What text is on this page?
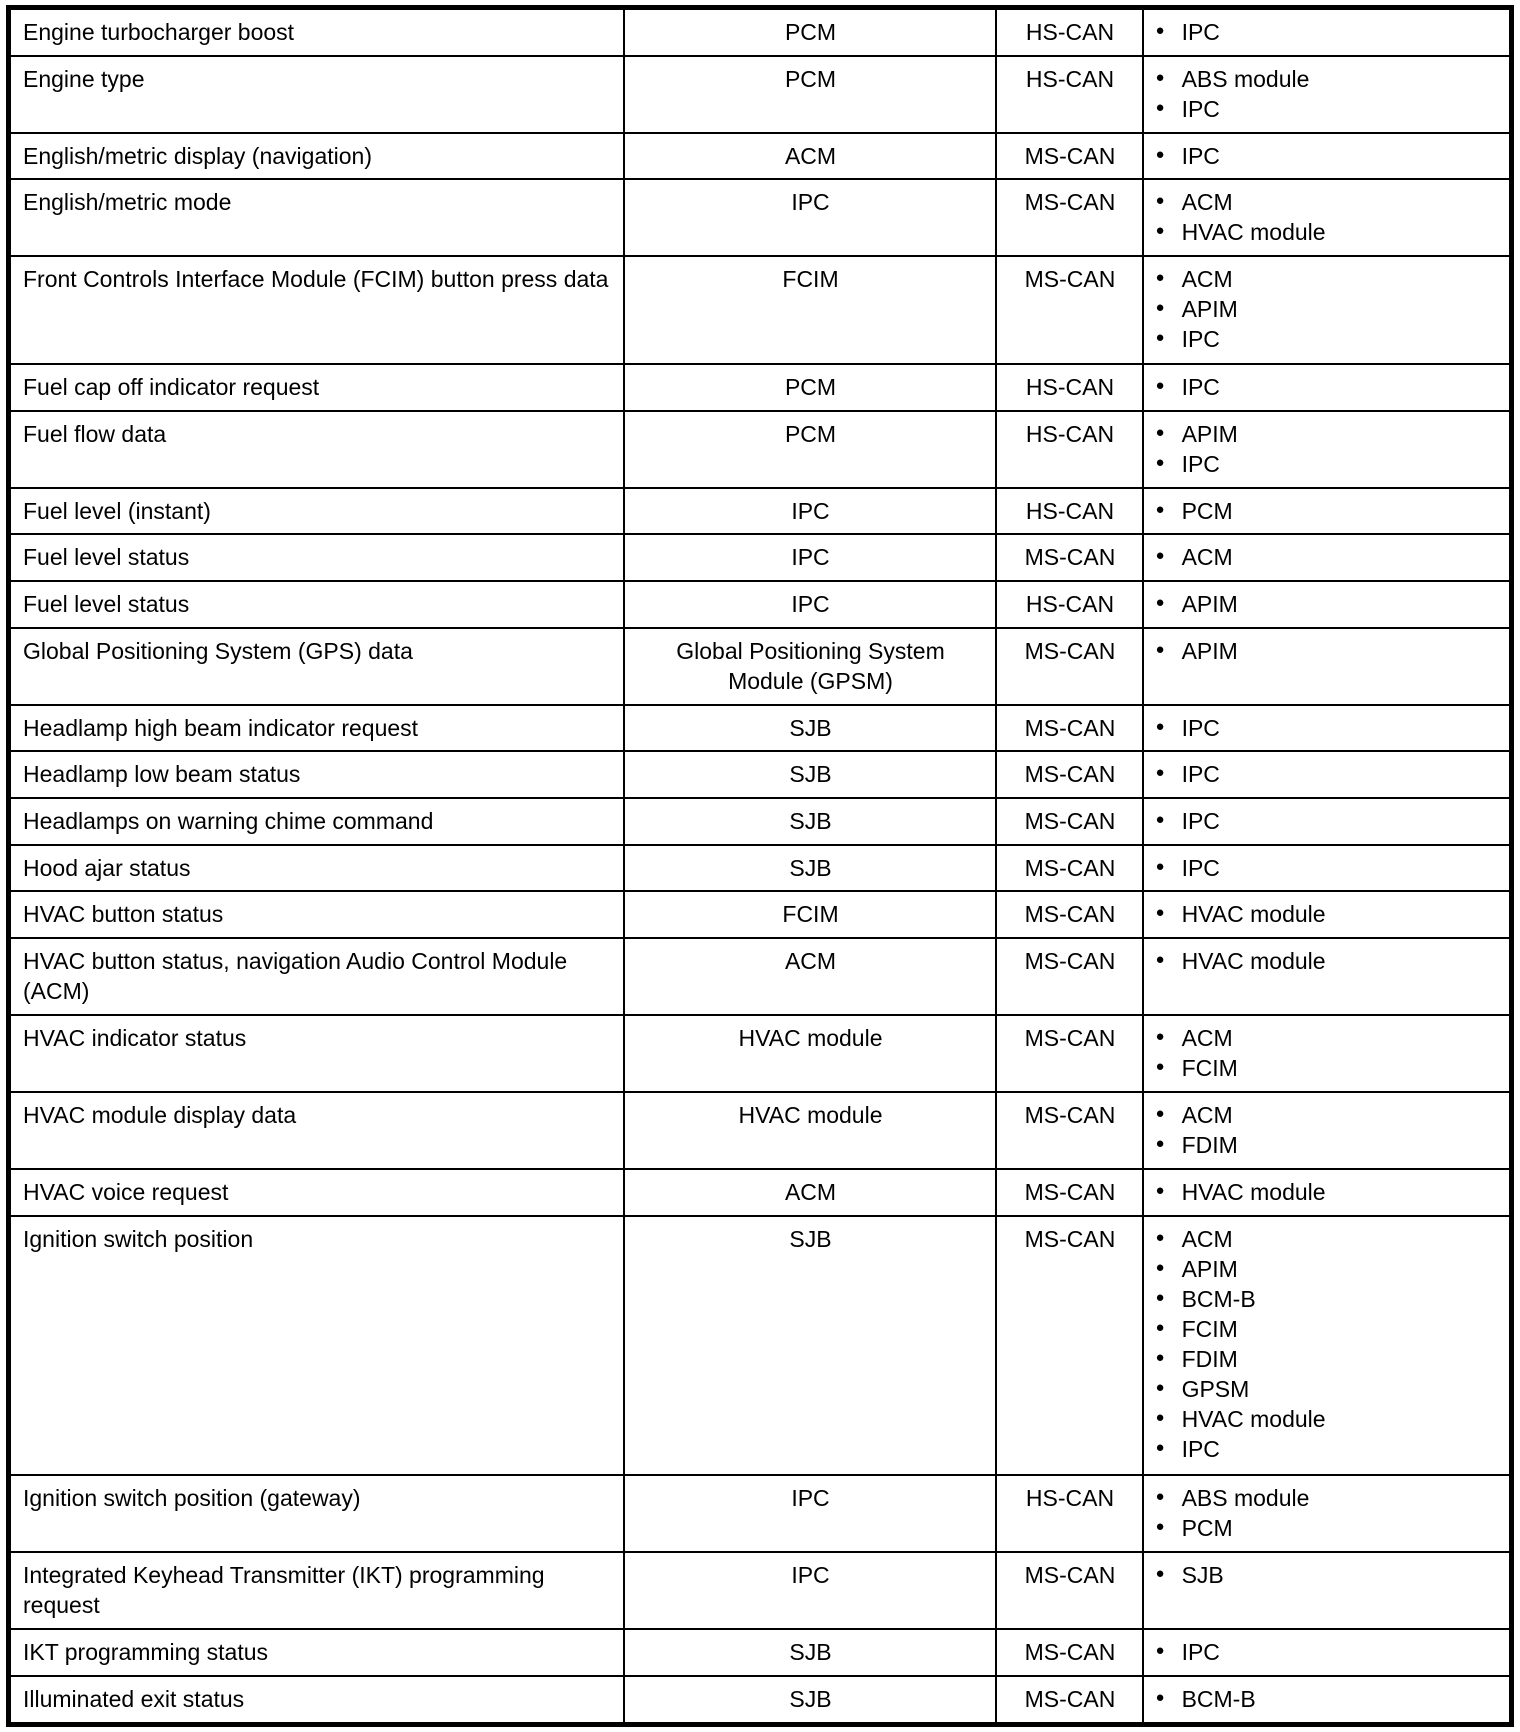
Engine turbocharger boost	PCM	HS-CAN	● IPC

Engine type	PCM	HS-CAN	● ABS module
● IPC

English/metric display (navigation)	ACM	MS-CAN	● IPC

English/metric mode	IPC	MS-CAN	● ACM
● HVAC module

Front Controls Interface Module (FCIM) button press data	FCIM	MS-CAN	● ACM
● APIM
● IPC

Fuel cap off indicator request	PCM	HS-CAN	● IPC

Fuel flow data	PCM	HS-CAN	● APIM
● IPC

Fuel level (instant)	IPC	HS-CAN	● PCM

Fuel level status	IPC	MS-CAN	● ACM

Fuel level status	IPC	HS-CAN	● APIM

Global Positioning System (GPS) data	Global Positioning System Module (GPSM)	MS-CAN	● APIM

Headlamp high beam indicator request	SJB	MS-CAN	● IPC

Headlamp low beam status	SJB	MS-CAN	● IPC

Headlamps on warning chime command	SJB	MS-CAN	● IPC

Hood ajar status	SJB	MS-CAN	● IPC

HVAC button status	FCIM	MS-CAN	● HVAC module

HVAC button status, navigation Audio Control Module (ACM)	ACM	MS-CAN	● HVAC module

HVAC indicator status	HVAC module	MS-CAN	● ACM
● FCIM

HVAC module display data	HVAC module	MS-CAN	● ACM
● FDIM

HVAC voice request	ACM	MS-CAN	● HVAC module

Ignition switch position	SJB	MS-CAN	● ACM
● APIM
● BCM-B
● FCIM
● FDIM
● GPSM
● HVAC module
● IPC

Ignition switch position (gateway)	IPC	HS-CAN	● ABS module
● PCM

Integrated Keyhead Transmitter (IKT) programming request	IPC	MS-CAN	● SJB

IKT programming status	SJB	MS-CAN	● IPC

Illuminated exit status	SJB	MS-CAN	● BCM-B
